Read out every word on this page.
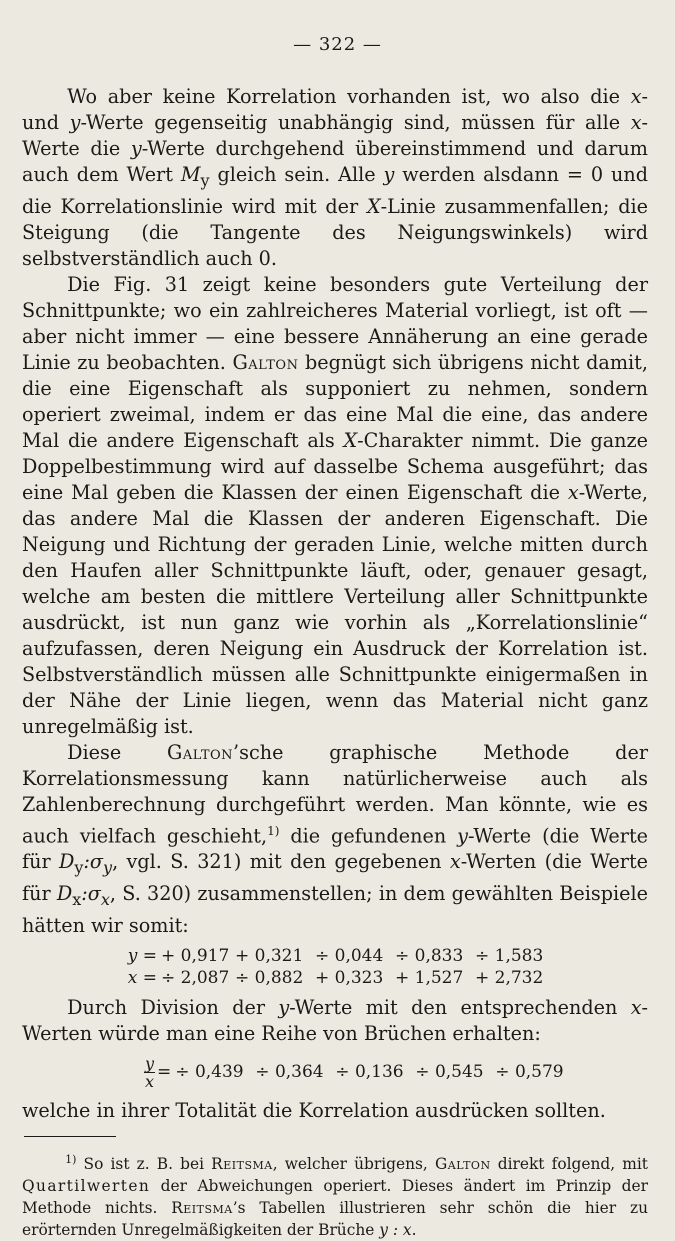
— 322 —

Wo aber keine Korrelation vorhanden ist, wo also die x- und y-Werte gegenseitig unabhängig sind, müssen für alle x-Werte die y-Werte durchgehend übereinstimmend und darum auch dem Wert $M_y$ gleich sein. Alle y werden alsdann = 0 und die Korrelationslinie wird mit der X-Linie zusammenfallen; die Steigung (die Tangente des Neigungswinkels) wird selbstverständlich auch 0.

Die Fig. 31 zeigt keine besonders gute Verteilung der Schnittpunkte; wo ein zahlreicheres Material vorliegt, ist oft — aber nicht immer — eine bessere Annäherung an eine gerade Linie zu beobachten. Galton begnügt sich übrigens nicht damit, die eine Eigenschaft als supponiert zu nehmen, sondern operiert zweimal, indem er das eine Mal die eine, das andere Mal die andere Eigenschaft als X-Charakter nimmt. Die ganze Doppelbestimmung wird auf dasselbe Schema ausgeführt; das eine Mal geben die Klassen der einen Eigenschaft die x-Werte, das andere Mal die Klassen der anderen Eigenschaft. Die Neigung und Richtung der geraden Linie, welche mitten durch den Haufen aller Schnittpunkte läuft, oder, genauer gesagt, welche am besten die mittlere Verteilung aller Schnittpunkte ausdrückt, ist nun ganz wie vorhin als „Korrelationslinie“ aufzufassen, deren Neigung ein Ausdruck der Korrelation ist. Selbstverständlich müssen alle Schnittpunkte einigermaßen in der Nähe der Linie liegen, wenn das Material nicht ganz unregelmäßig ist.

Diese Galton’sche graphische Methode der Korrelationsmessung kann natürlicherweise auch als Zahlenberechnung durchgeführt werden. Man könnte, wie es auch vielfach geschieht,$^{1)}$ die gefundenen y-Werte (die Werte für $D_y:\sigma_y$, vgl. S. 321) mit den gegebenen x-Werten (die Werte für $D_x:\sigma_x$, S. 320) zusammenstellen; in dem gewählten Beispiele hätten wir somit:

y = + 0,917 + 0,321 ÷ 0,044 ÷ 0,833 ÷ 1,583
x = ÷ 2,087 ÷ 0,882 + 0,323 + 1,527 + 2,732

Durch Division der y-Werte mit den entsprechenden x-Werten würde man eine Reihe von Brüchen erhalten:

$\frac{y}{x}$ = ÷ 0,439 ÷ 0,364 ÷ 0,136 ÷ 0,545 ÷ 0,579

welche in ihrer Totalität die Korrelation ausdrücken sollten.

$^{1)}$ So ist z. B. bei Reitsma, welcher übrigens, Galton direkt folgend, mit Quartilwerten der Abweichungen operiert. Dieses ändert im Prinzip der Methode nichts. Reitsma’s Tabellen illustrieren sehr schön die hier zu erörternden Unregelmäßigkeiten der Brüche y : x.
